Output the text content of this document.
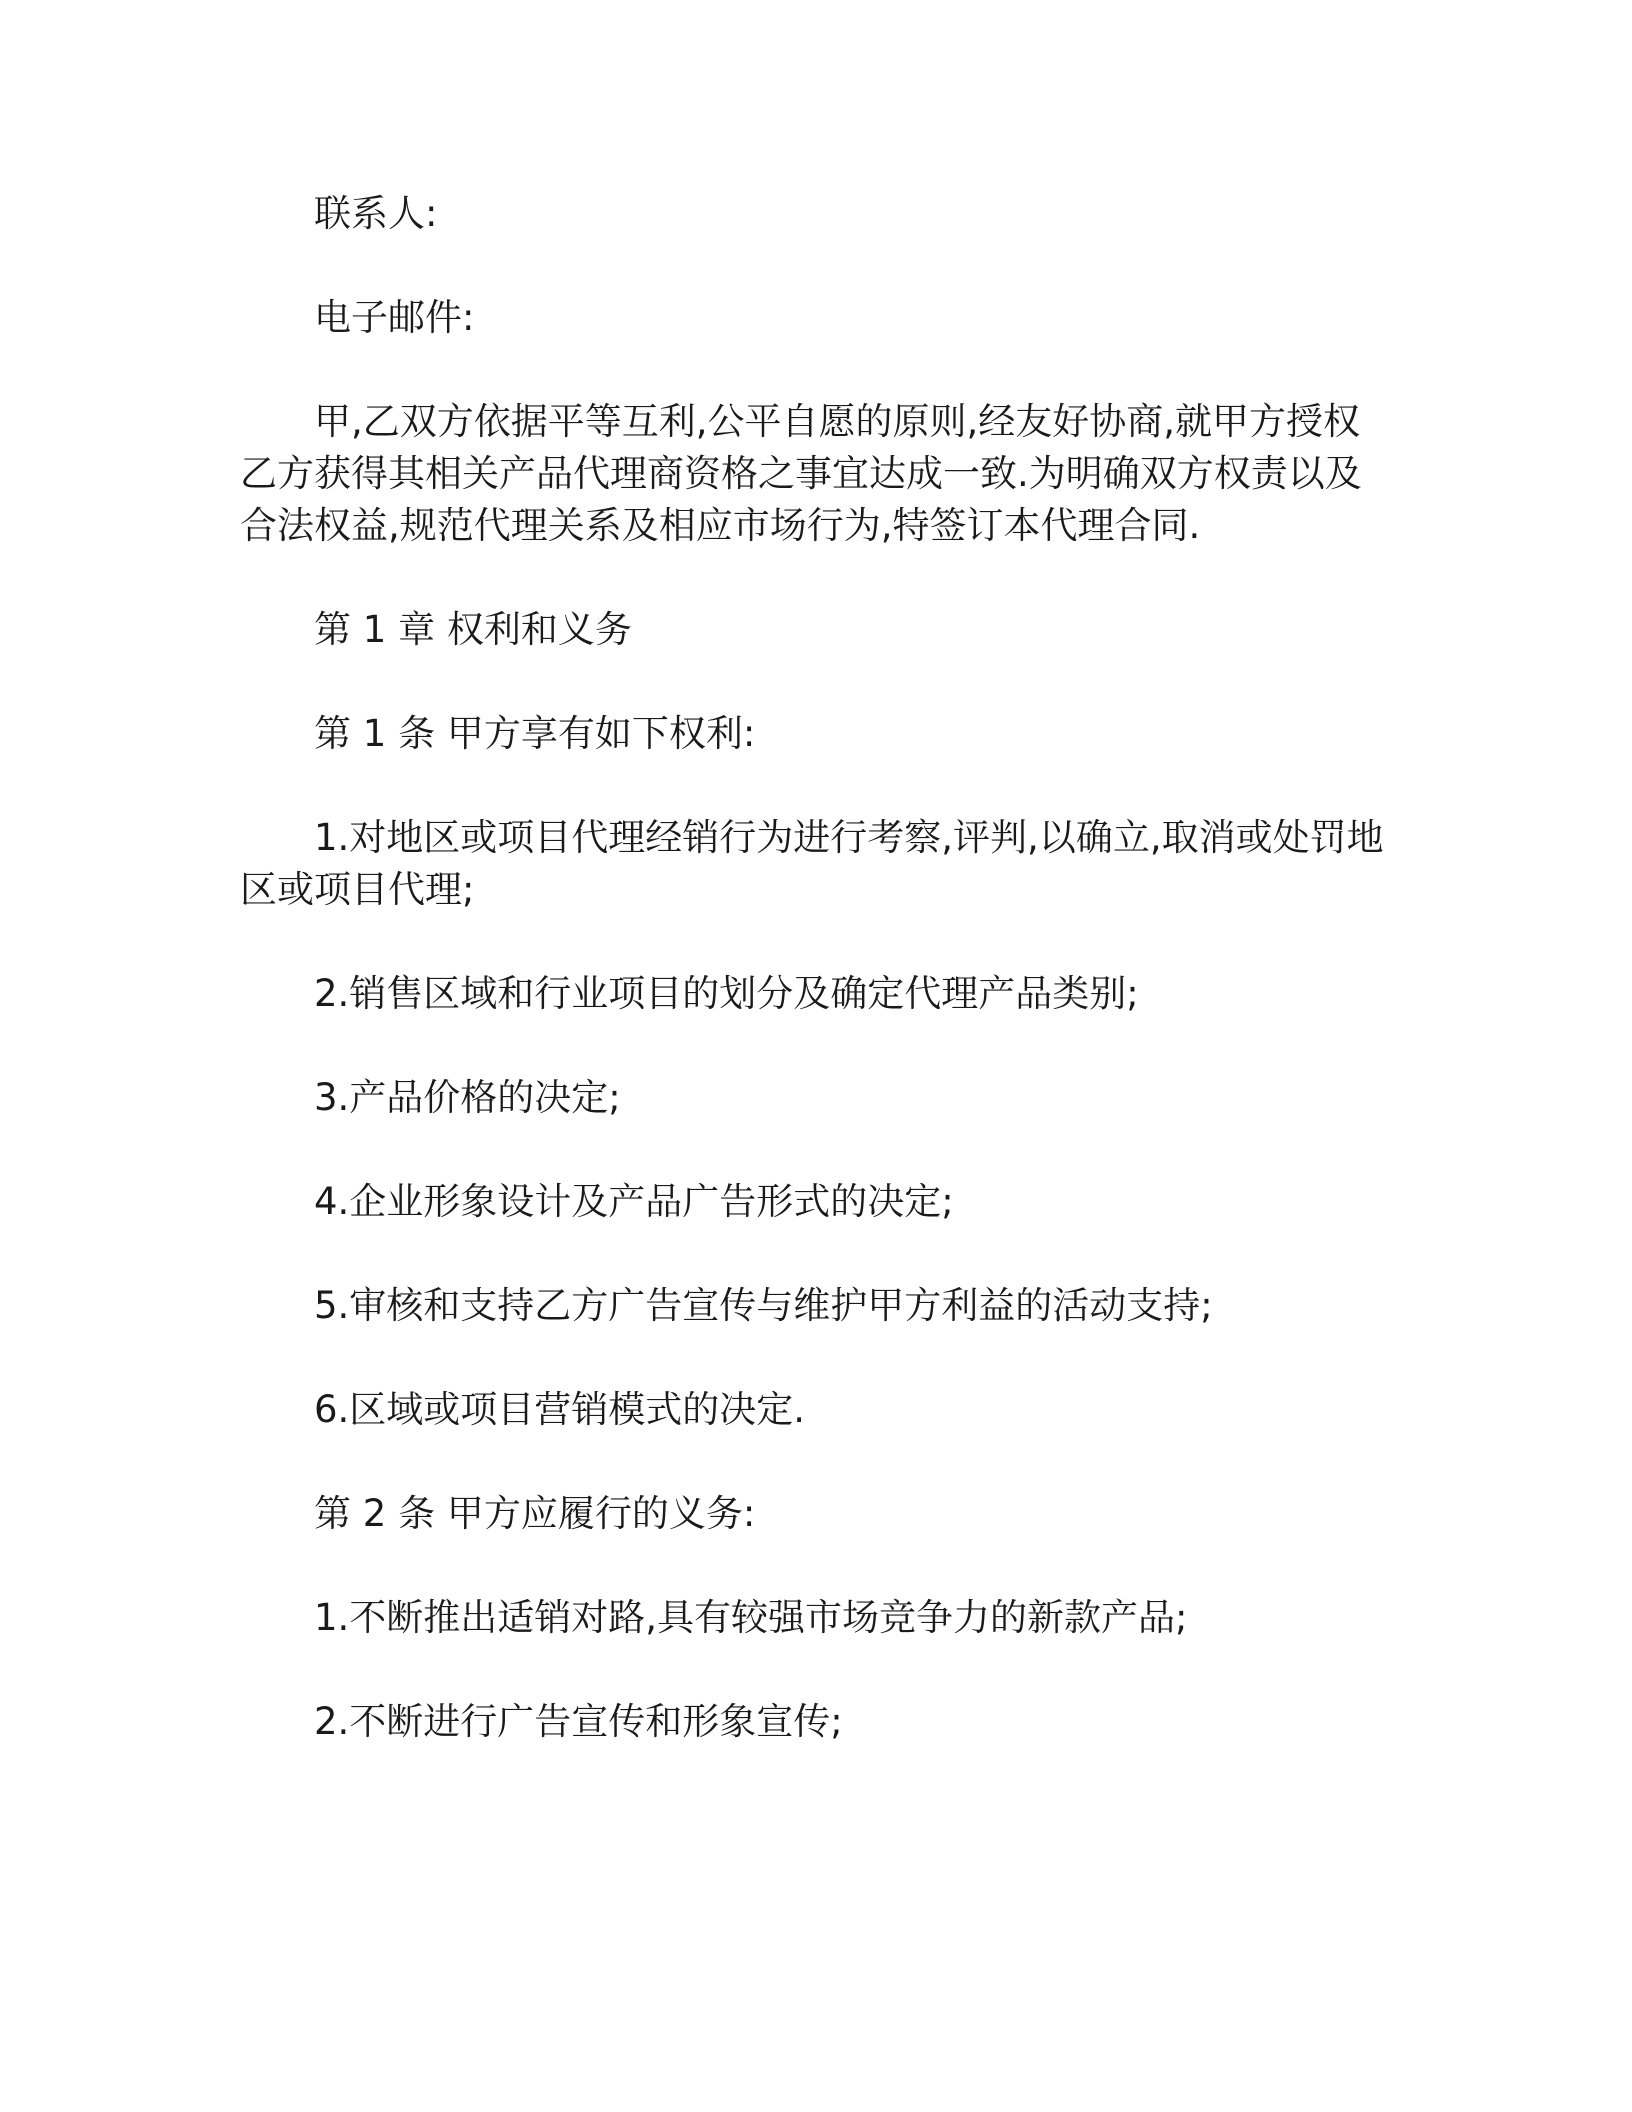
联系人:

电子邮件:

甲,乙双方依据平等互利,公平自愿的原则,经友好协商,就甲方授权

乙方获得其相关产品代理商资格之事宜达成一致.为明确双方权责以及

合法权益,规范代理关系及相应市场行为,特签订本代理合同.

第 1 章 权利和义务

第 1 条 甲方享有如下权利:

1.对地区或项目代理经销行为进行考察,评判,以确立,取消或处罚地

区或项目代理;

2.销售区域和行业项目的划分及确定代理产品类别;

3.产品价格的决定;

4.企业形象设计及产品广告形式的决定;

5.审核和支持乙方广告宣传与维护甲方利益的活动支持;

6.区域或项目营销模式的决定.

第 2 条 甲方应履行的义务:

1.不断推出适销对路,具有较强市场竞争力的新款产品;

2.不断进行广告宣传和形象宣传;
